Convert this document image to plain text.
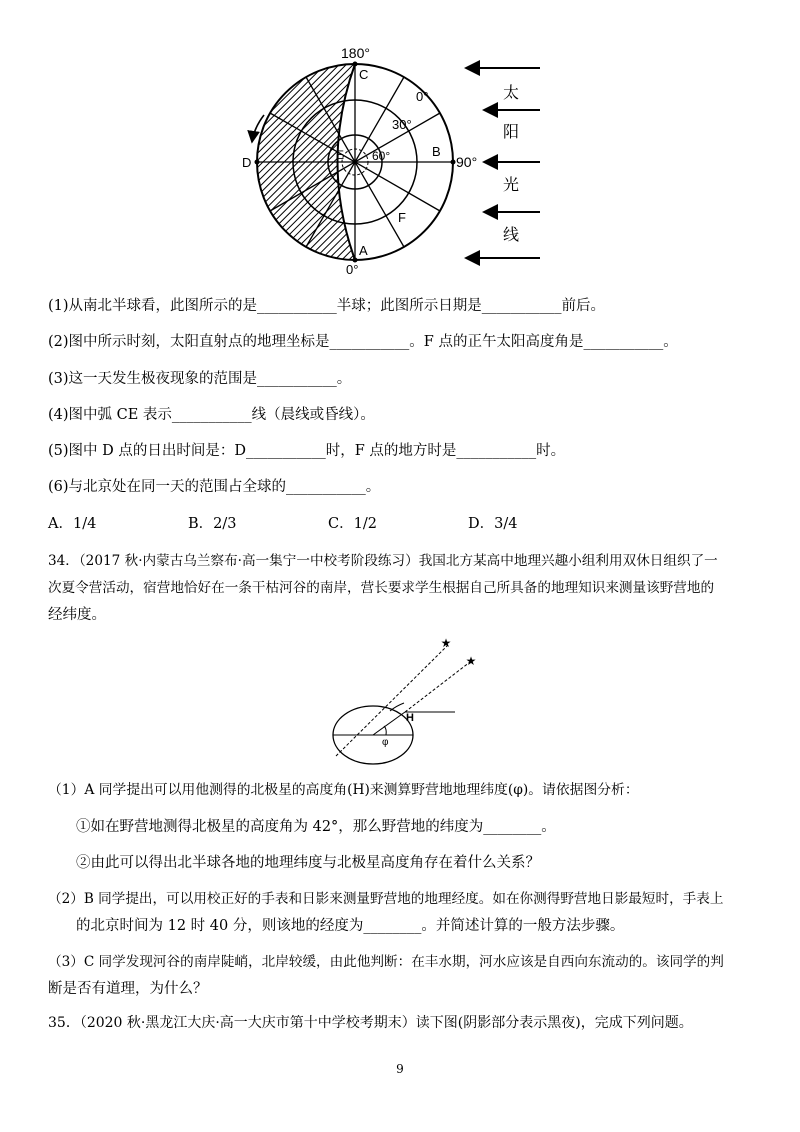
180°
C
0°
30°
60°	B
90°
D	E
F
A
0°
太
阳
光
线
(1)从南北半球看，此图所示的是___________半球；此图所示日期是___________前后。
(2)图中所示时刻，太阳直射点的地理坐标是___________。F 点的正午太阳高度角是___________。
(3)这一天发生极夜现象的范围是___________。
(4)图中弧 CE 表示___________线（晨线或昏线）。
(5)图中 D 点的日出时间是：D___________时，F 点的地方时是___________时。
(6)与北京处在同一天的范围占全球的___________。
A．1/4	B．2/3	C．1/2	D．3/4
34．（2017 秋·内蒙古乌兰察布·高一集宁一中校考阶段练习）我国北方某高中地理兴趣小组利用双休日组织了一
次夏令营活动，宿营地恰好在一条干枯河谷的南岸，营长要求学生根据自己所具备的地理知识来测量该野营地的
经纬度。
★
★
H
φ
（1）A 同学提出可以用他测得的北极星的高度角(H)来测算野营地地理纬度(φ)。请依据图分析：
①如在野营地测得北极星的高度角为 42°，那么野营地的纬度为________。
②由此可以得出北半球各地的地理纬度与北极星高度角存在着什么关系？
（2）B 同学提出，可以用校正好的手表和日影来测量野营地的地理经度。如在你测得野营地日影最短时，手表上
的北京时间为 12 时 40 分，则该地的经度为________。并简述计算的一般方法步骤。
（3）C 同学发现河谷的南岸陡峭，北岸较缓，由此他判断：在丰水期，河水应该是自西向东流动的。该同学的判
断是否有道理，为什么？
35．（2020 秋·黑龙江大庆·高一大庆市第十中学校考期末）读下图(阴影部分表示黑夜)，完成下列问题。
9
